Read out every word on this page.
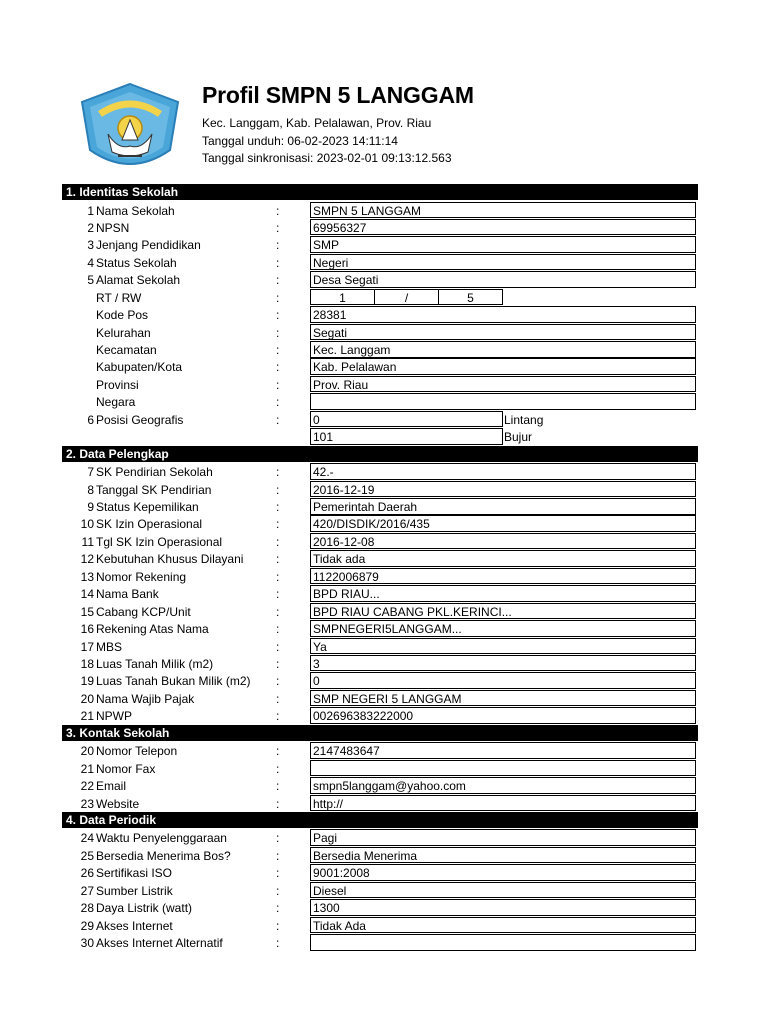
Profil SMPN 5 LANGGAM
Kec. Langgam, Kab. Pelalawan, Prov. Riau
Tanggal unduh: 06-02-2023 14:11:14
Tanggal sinkronisasi: 2023-02-01 09:13:12.563
1. Identitas Sekolah
1 Nama Sekolah	:	SMPN 5 LANGGAM
2 NPSN	:	69956327
3 Jenjang Pendidikan	:	SMP
4 Status Sekolah	:	Negeri
5 Alamat Sekolah	:	Desa Segati
RT / RW	:	1	/	5
Kode Pos	:	28381
Kelurahan	:	Segati
Kecamatan	:	Kec. Langgam
Kabupaten/Kota	:	Kab. Pelalawan
Provinsi	:	Prov. Riau
Negara	:
6 Posisi Geografis	:	0	Lintang
101	Bujur
2. Data Pelengkap
7 SK Pendirian Sekolah	:	42.-
8 Tanggal SK Pendirian	:	2016-12-19
9 Status Kepemilikan	:	Pemerintah Daerah
10 SK Izin Operasional	:	420/DISDIK/2016/435
11 Tgl SK Izin Operasional	:	2016-12-08
12 Kebutuhan Khusus Dilayani	:	Tidak ada
13 Nomor Rekening	:	1122006879
14 Nama Bank	:	BPD RIAU...
15 Cabang KCP/Unit	:	BPD RIAU CABANG PKL.KERINCI...
16 Rekening Atas Nama	:	SMPNEGERI5LANGGAM...
17 MBS	:	Ya
18 Luas Tanah Milik (m2)	:	3
19 Luas Tanah Bukan Milik (m2) :	0
20 Nama Wajib Pajak	:	SMP NEGERI 5 LANGGAM
21 NPWP	:	002696383222000
3. Kontak Sekolah
20 Nomor Telepon	:	2147483647
21 Nomor Fax	:
22 Email	:	smpn5langgam@yahoo.com
23 Website	:	http://
4. Data Periodik
24 Waktu Penyelenggaraan	:	Pagi
25 Bersedia Menerima Bos?	:	Bersedia Menerima
26 Sertifikasi ISO	:	9001:2008
27 Sumber Listrik	:	Diesel
28 Daya Listrik (watt)	:	1300
29 Akses Internet	:	Tidak Ada
30 Akses Internet Alternatif	:
